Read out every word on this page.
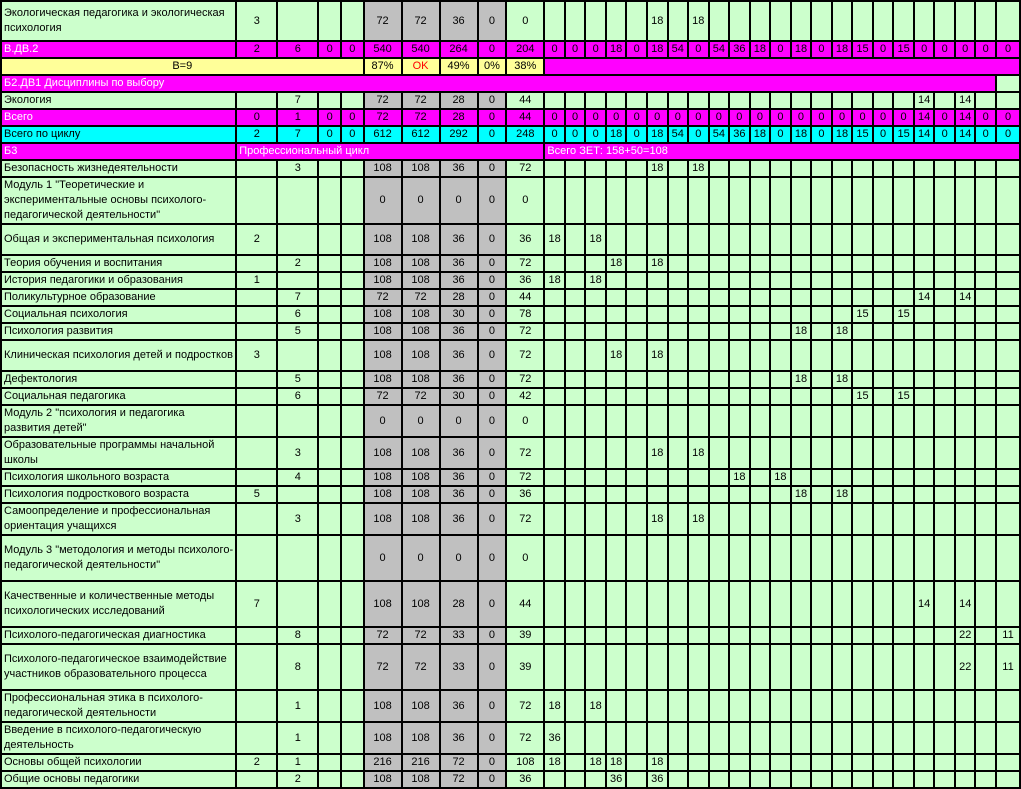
Экологическая педагогика и экологическая психология	3				72	72	36	0	0						18		18															
В.ДВ.2	2	6	0	0	540	540	264	0	204	0	0	0	18	0	18	54	0	54	36	18	0	18	0	18	15	0	15	0	0	0	0	0
В=9					87%	OK	49%	0%	38%																							
Б2.ДВ1 Дисциплины по выбору																																
Экология		7			72	72	28	0	44																			14		14		
Всего	0	1	0	0	72	72	28	0	44	0	0	0	0	0	0	0	0	0	0	0	0	0	0	0	0	0	0	14	0	14	0	0
Всего по циклу	2	7	0	0	612	612	292	0	248	0	0	0	18	0	18	54	0	54	36	18	0	18	0	18	15	0	15	14	0	14	0	0
Б3	Профессиональный цикл									Всего ЗЕТ: 158+50=108																						
Безопасность жизнедеятельности		3			108	108	36	0	72						18		18															
Модуль 1 "Теоретические и экспериментальные основы психолого-педагогической деятельности"					0	0	0	0	0																							
Общая и экспериментальная психология	2				108	108	36	0	36	18		18																				
Теория обучения и воспитания		2			108	108	36	0	72				18		18																	
История педагогики и образования	1				108	108	36	0	36	18		18																				
Поликультурное образование		7			72	72	28	0	44																			14		14		
Социальная психология		6			108	108	30	0	78																15		15					
Психология развития		5			108	108	36	0	72													18		18								
Клиническая психология детей и подростков	3				108	108	36	0	72				18		18																	
Дефектология		5			108	108	36	0	72													18		18								
Социальная педагогика		6			72	72	30	0	42																15		15					
Модуль 2 "психология и педагогика развития детей"					0	0	0	0	0																							
Образовательные программы начальной школы		3			108	108	36	0	72						18		18															
Психология школьного возраста		4			108	108	36	0	72										18		18											
Психология подросткового возраста	5				108	108	36	0	36													18		18								
Самоопределение и профессиональная ориентация учащихся		3			108	108	36	0	72						18		18															
Модуль 3 "методология и методы психолого-педагогической деятельности"					0	0	0	0	0																							
Качественные и количественные методы психологических исследований	7				108	108	28	0	44																			14		14		
Психолого-педагогическая диагностика		8			72	72	33	0	39																					22		11
Психолого-педагогическое взаимодействие участников образовательного процесса		8			72	72	33	0	39																					22		11
Профессиональная этика в психолого-педагогической деятельности		1			108	108	36	0	72	18		18																				
Введение в психолого-педагогическую деятельность		1			108	108	36	0	72	36																						
Основы общей психологии	2	1			216	216	72	0	108	18		18	18		18																	
Общие основы педагогики		2			108	108	72	0	36				36		36																	
